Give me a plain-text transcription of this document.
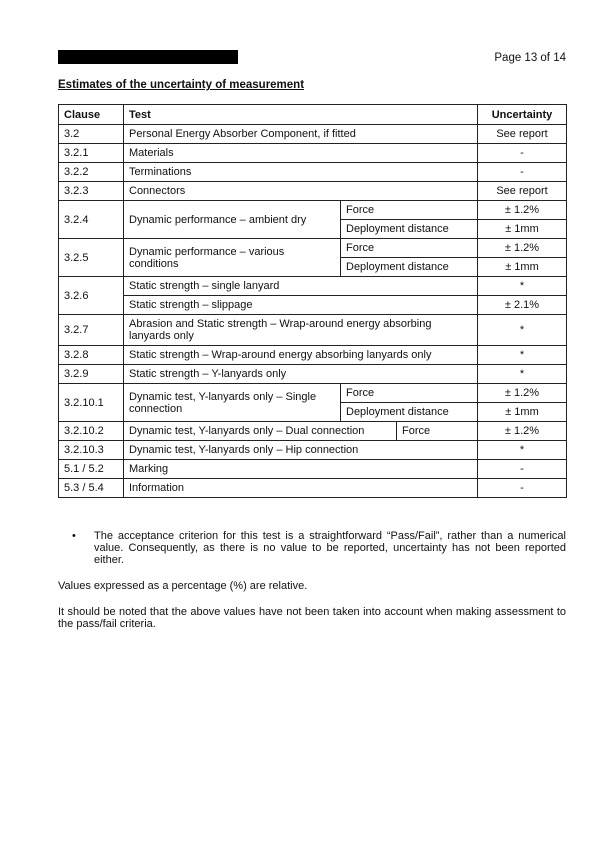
Page 13 of 14
Estimates of the uncertainty of measurement
Clause	Test			Uncertainty
3.2	Personal Energy Absorber Component, if fitted			See report
3.2.1	Materials			-
3.2.2	Terminations			-
3.2.3	Connectors			See report
3.2.4	Dynamic performance – ambient dry	Force		± 1.2%
		Deployment distance		± 1mm
3.2.5	Dynamic performance – various conditions	Force		± 1.2%
		Deployment distance		± 1mm
3.2.6	Static strength – single lanyard			*
	Static strength – slippage			± 2.1%
3.2.7	Abrasion and Static strength – Wrap-around energy absorbing lanyards only			*
3.2.8	Static strength – Wrap-around energy absorbing lanyards only			*
3.2.9	Static strength – Y-lanyards only			*
3.2.10.1	Dynamic test, Y-lanyards only – Single connection	Force		± 1.2%
		Deployment distance		± 1mm
3.2.10.2	Dynamic test, Y-lanyards only – Dual connection		Force	± 1.2%
3.2.10.3	Dynamic test, Y-lanyards only – Hip connection			*
5.1 / 5.2	Marking			-
5.3 / 5.4	Information			-
• The acceptance criterion for this test is a straightforward “Pass/Fail”, rather than a numerical value. Consequently, as there is no value to be reported, uncertainty has not been reported either.
Values expressed as a percentage (%) are relative.
It should be noted that the above values have not been taken into account when making assessment to the pass/fail criteria.
